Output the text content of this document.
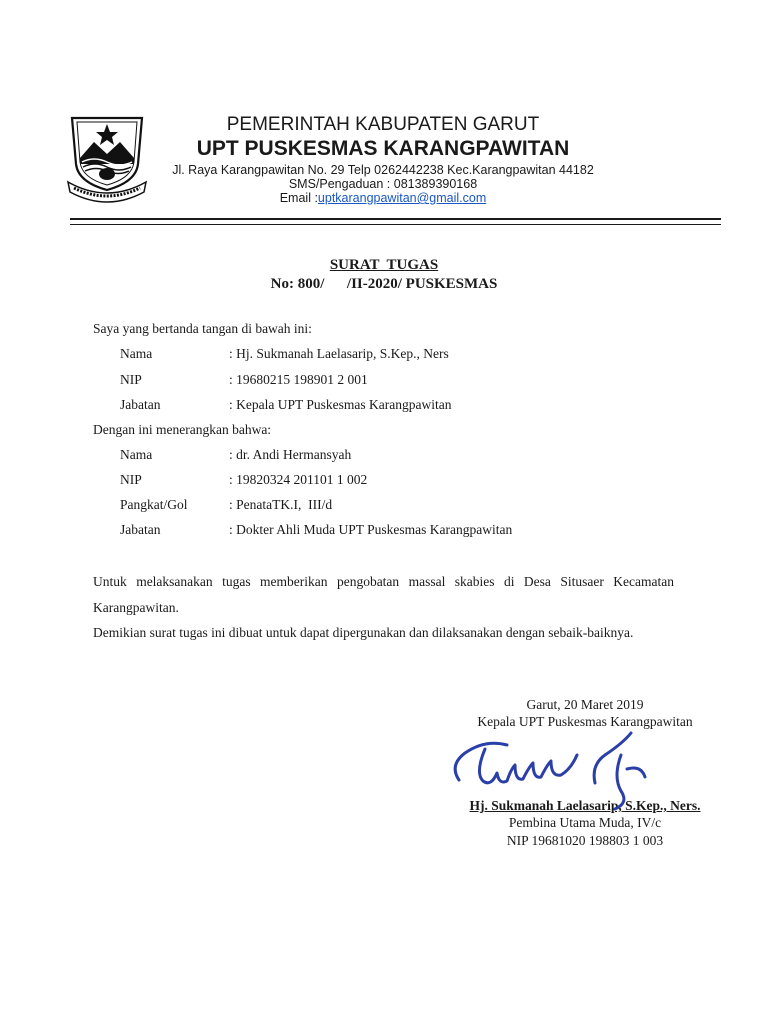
PEMERINTAH KABUPATEN GARUT
UPT PUSKESMAS KARANGPAWITAN
Jl. Raya Karangpawitan No. 29 Telp 0262442238 Kec.Karangpawitan 44182
SMS/Pengaduan : 081389390168
Email :uptkarangpawitan@gmail.com
SURAT  TUGAS
No: 800/      /II-2020/ PUSKESMAS
Saya yang bertanda tangan di bawah ini:
Nama	: Hj. Sukmanah Laelasarip, S.Kep., Ners
NIP	: 19680215 198901 2 001
Jabatan	: Kepala UPT Puskesmas Karangpawitan
Dengan ini menerangkan bahwa:
Nama	: dr. Andi Hermansyah
NIP	: 19820324 201101 1 002
Pangkat/Gol	: PenataTK.I,  III/d
Jabatan	: Dokter Ahli Muda UPT Puskesmas Karangpawitan
Untuk melaksanakan tugas memberikan pengobatan massal skabies di Desa Situsaer Kecamatan Karangpawitan.
Demikian surat tugas ini dibuat untuk dapat dipergunakan dan dilaksanakan dengan sebaik-baiknya.
Garut, 20 Maret 2019
Kepala UPT Puskesmas Karangpawitan
Hj. Sukmanah Laelasarip, S.Kep., Ners.
Pembina Utama Muda, IV/c
NIP 19681020 198803 1 003
